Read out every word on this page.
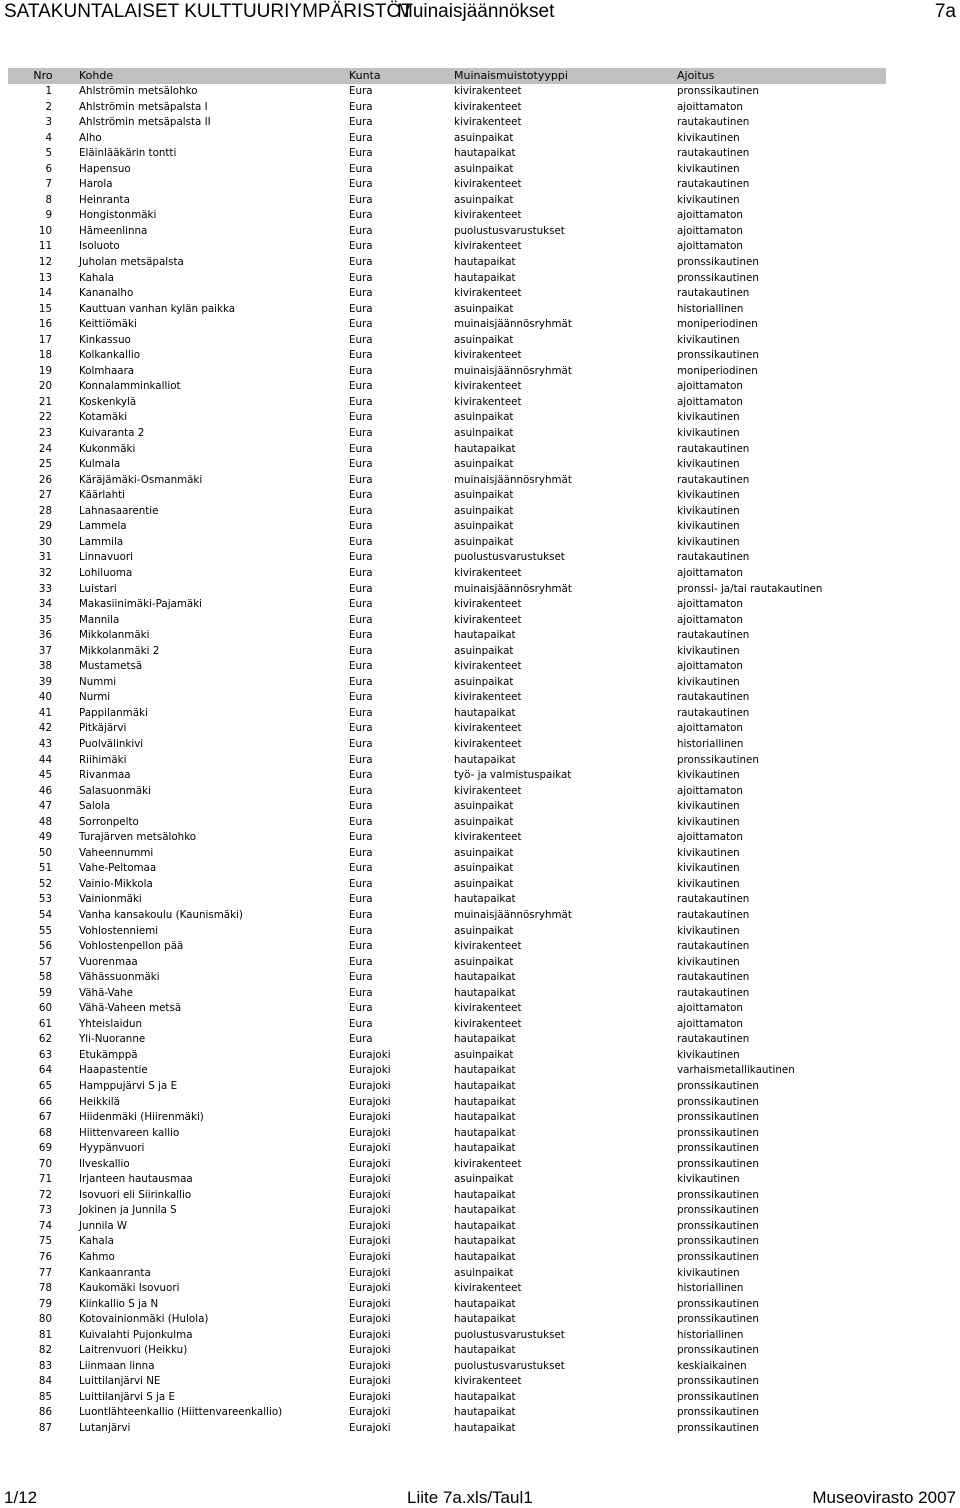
SATAKUNTALAISET KULTTUURIYMPÄRISTÖT
Muinaisjäännökset	7a
Nro	Kohde	Kunta	Muinaismuistotyyppi	Ajoitus
1	Ahlströmin metsälohko	Eura	kivirakenteet	pronssikautinen
2	Ahlströmin metsäpalsta I	Eura	kivirakenteet	ajoittamaton
3	Ahlströmin metsäpalsta II	Eura	kivirakenteet	rautakautinen
4	Alho	Eura	asuinpaikat	kivikautinen
5	Eläinlääkärin tontti	Eura	hautapaikat	rautakautinen
6	Hapensuo	Eura	asuinpaikat	kivikautinen
7	Harola	Eura	kivirakenteet	rautakautinen
8	Heinranta	Eura	asuinpaikat	kivikautinen
9	Hongistonmäki	Eura	kivirakenteet	ajoittamaton
10	Hämeenlinna	Eura	puolustusvarustukset	ajoittamaton
11	Isoluoto	Eura	kivirakenteet	ajoittamaton
12	Juholan metsäpalsta	Eura	hautapaikat	pronssikautinen
13	Kahala	Eura	hautapaikat	pronssikautinen
14	Kananalho	Eura	kivirakenteet	rautakautinen
15	Kauttuan vanhan kylän paikka	Eura	asuinpaikat	historiallinen
16	Keittiömäki	Eura	muinaisjäännösryhmät	moniperiodinen
17	Kinkassuo	Eura	asuinpaikat	kivikautinen
18	Kolkankallio	Eura	kivirakenteet	pronssikautinen
19	Kolmhaara	Eura	muinaisjäännösryhmät	moniperiodinen
20	Konnalamminkalliot	Eura	kivirakenteet	ajoittamaton
21	Koskenkylä	Eura	kivirakenteet	ajoittamaton
22	Kotamäki	Eura	asuinpaikat	kivikautinen
23	Kuivaranta 2	Eura	asuinpaikat	kivikautinen
24	Kukonmäki	Eura	hautapaikat	rautakautinen
25	Kulmala	Eura	asuinpaikat	kivikautinen
26	Käräjämäki-Osmanmäki	Eura	muinaisjäännösryhmät	rautakautinen
27	Käärlahti	Eura	asuinpaikat	kivikautinen
28	Lahnasaarentie	Eura	asuinpaikat	kivikautinen
29	Lammela	Eura	asuinpaikat	kivikautinen
30	Lammila	Eura	asuinpaikat	kivikautinen
31	Linnavuori	Eura	puolustusvarustukset	rautakautinen
32	Lohiluoma	Eura	kivirakenteet	ajoittamaton
33	Luistari	Eura	muinaisjäännösryhmät	pronssi- ja/tai rautakautinen
34	Makasiinimäki-Pajamäki	Eura	kivirakenteet	ajoittamaton
35	Mannila	Eura	kivirakenteet	ajoittamaton
36	Mikkolanmäki	Eura	hautapaikat	rautakautinen
37	Mikkolanmäki 2	Eura	asuinpaikat	kivikautinen
38	Mustametsä	Eura	kivirakenteet	ajoittamaton
39	Nummi	Eura	asuinpaikat	kivikautinen
40	Nurmi	Eura	kivirakenteet	rautakautinen
41	Pappilanmäki	Eura	hautapaikat	rautakautinen
42	Pitkäjärvi	Eura	kivirakenteet	ajoittamaton
43	Puolvälinkivi	Eura	kivirakenteet	historiallinen
44	Riihimäki	Eura	hautapaikat	pronssikautinen
45	Rivanmaa	Eura	työ- ja valmistuspaikat	kivikautinen
46	Salasuonmäki	Eura	kivirakenteet	ajoittamaton
47	Salola	Eura	asuinpaikat	kivikautinen
48	Sorronpelto	Eura	asuinpaikat	kivikautinen
49	Turajärven metsälohko	Eura	kivirakenteet	ajoittamaton
50	Vaheennummi	Eura	asuinpaikat	kivikautinen
51	Vahe-Peltomaa	Eura	asuinpaikat	kivikautinen
52	Vainio-Mikkola	Eura	asuinpaikat	kivikautinen
53	Vainionmäki	Eura	hautapaikat	rautakautinen
54	Vanha kansakoulu (Kaunismäki)	Eura	muinaisjäännösryhmät	rautakautinen
55	Vohlostenniemi	Eura	asuinpaikat	kivikautinen
56	Vohlostenpellon pää	Eura	kivirakenteet	rautakautinen
57	Vuorenmaa	Eura	asuinpaikat	kivikautinen
58	Vähässuonmäki	Eura	hautapaikat	rautakautinen
59	Vähä-Vahe	Eura	hautapaikat	rautakautinen
60	Vähä-Vaheen metsä	Eura	kivirakenteet	ajoittamaton
61	Yhteislaidun	Eura	kivirakenteet	ajoittamaton
62	Yli-Nuoranne	Eura	hautapaikat	rautakautinen
63	Etukämppä	Eurajoki	asuinpaikat	kivikautinen
64	Haapastentie	Eurajoki	hautapaikat	varhaismetallikautinen
65	Hamppujärvi S ja E	Eurajoki	hautapaikat	pronssikautinen
66	Heikkilä	Eurajoki	hautapaikat	pronssikautinen
67	Hiidenmäki (Hiirenmäki)	Eurajoki	hautapaikat	pronssikautinen
68	Hiittenvareen kallio	Eurajoki	hautapaikat	pronssikautinen
69	Hyypänvuori	Eurajoki	hautapaikat	pronssikautinen
70	Ilveskallio	Eurajoki	kivirakenteet	pronssikautinen
71	Irjanteen hautausmaa	Eurajoki	asuinpaikat	kivikautinen
72	Isovuori eli Siirinkallio	Eurajoki	hautapaikat	pronssikautinen
73	Jokinen ja Junnila S	Eurajoki	hautapaikat	pronssikautinen
74	Junnila W	Eurajoki	hautapaikat	pronssikautinen
75	Kahala	Eurajoki	hautapaikat	pronssikautinen
76	Kahmo	Eurajoki	hautapaikat	pronssikautinen
77	Kankaanranta	Eurajoki	asuinpaikat	kivikautinen
78	Kaukomäki Isovuori	Eurajoki	kivirakenteet	historiallinen
79	Kiinkallio S ja N	Eurajoki	hautapaikat	pronssikautinen
80	Kotovainionmäki (Hulola)	Eurajoki	hautapaikat	pronssikautinen
81	Kuivalahti Pujonkulma	Eurajoki	puolustusvarustukset	historiallinen
82	Laitrenvuori (Heikku)	Eurajoki	hautapaikat	pronssikautinen
83	Liinmaan linna	Eurajoki	puolustusvarustukset	keskiaikainen
84	Luittilanjärvi NE	Eurajoki	kivirakenteet	pronssikautinen
85	Luittilanjärvi S ja E	Eurajoki	hautapaikat	pronssikautinen
86	Luontlähteenkallio (Hiittenvareenkallio)	Eurajoki	hautapaikat	pronssikautinen
87	Lutanjärvi	Eurajoki	hautapaikat	pronssikautinen
1/12	Liite 7a.xls/Taul1	Museovirasto 2007
